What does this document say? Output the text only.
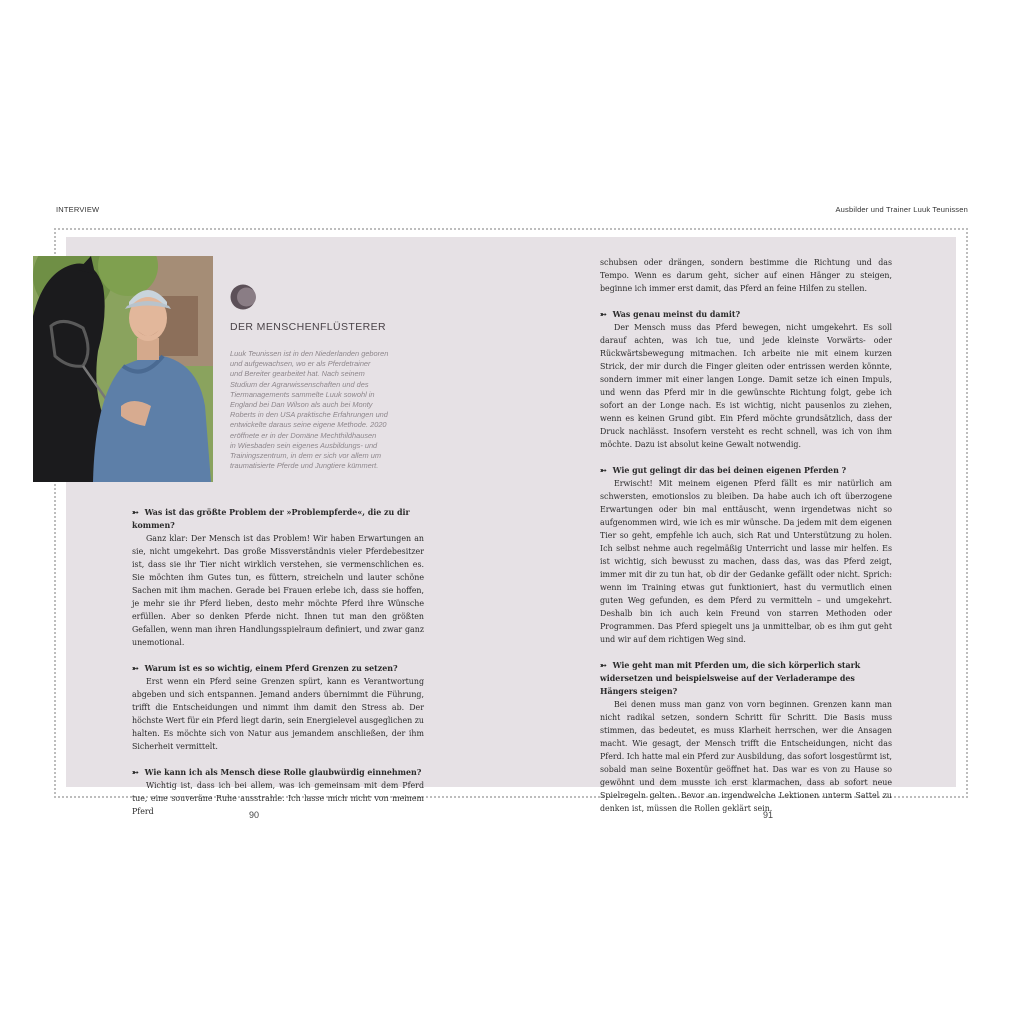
INTERVIEW	Ausbilder und Trainer Luuk Teunissen
DER MENSCHENFLÜSTERER

Luuk Teunissen ist in den Niederlanden geboren

und aufgewachsen, wo er als Pferdetrainer

und Bereiter gearbeitet hat. Nach seinem

Studium der Agrarwissenschaften und des

Tiermanagements sammelte Luuk sowohl in

England bei Dan Wilson als auch bei Monty

Roberts in den USA praktische Erfahrungen und

entwickelte daraus seine eigene Methode. 2020

eröffnete er in der Domäne Mechthildhausen

in Wiesbaden sein eigenes Ausbildungs- und

Trainingszentrum, in dem er sich vor allem um

traumatisierte Pferde und Jungtiere kümmert.

➳ Was ist das größte Problem der »Problempferde«, die zu dir kommen?

Ganz klar: Der Mensch ist das Problem! Wir haben Erwartungen an sie, nicht umgekehrt. Das große Missverständnis vieler Pferdebesitzer ist, dass sie ihr Tier nicht wirklich verstehen, sie vermenschlichen es. Sie möchten ihm Gutes tun, es füttern, streicheln und lauter schöne Sachen mit ihm machen. Gerade bei Frauen erlebe ich, dass sie hoffen, je mehr sie ihr Pferd lieben, desto mehr möchte Pferd ihre Wünsche erfüllen. Aber so denken Pferde nicht. Ihnen tut man den größten Gefallen, wenn man ihren Handlungsspielraum definiert, und zwar ganz unemotional.

➳ Warum ist es so wichtig, einem Pferd Grenzen zu setzen?

Erst wenn ein Pferd seine Grenzen spürt, kann es Verantwortung abgeben und sich entspannen. Jemand anders übernimmt die Führung, trifft die Entscheidungen und nimmt ihm damit den Stress ab. Der höchste Wert für ein Pferd liegt darin, sein Energielevel ausgeglichen zu halten. Es möchte sich von Natur aus jemandem anschließen, der ihm Sicherheit vermittelt.

➳ Wie kann ich als Mensch diese Rolle glaubwürdig einnehmen?

Wichtig ist, dass ich bei allem, was ich gemeinsam mit dem Pferd tue, eine souveräne Ruhe ausstrahle. Ich lasse mich nicht von meinem Pferd

schubsen oder drängen, sondern bestimme die Richtung und das Tempo. Wenn es darum geht, sicher auf einen Hänger zu steigen, beginne ich immer erst damit, das Pferd an feine Hilfen zu stellen.

➳ Was genau meinst du damit?

Der Mensch muss das Pferd bewegen, nicht umgekehrt. Es soll darauf achten, was ich tue, und jede kleinste Vorwärts- oder Rückwärtsbewegung mitmachen. Ich arbeite nie mit einem kurzen Strick, der mir durch die Finger gleiten oder entrissen werden könnte, sondern immer mit einer langen Longe. Damit setze ich einen Impuls, und wenn das Pferd mir in die gewünschte Richtung folgt, gebe ich sofort an der Longe nach. Es ist wichtig, nicht pausenlos zu ziehen, wenn es keinen Grund gibt. Ein Pferd möchte grundsätzlich, dass der Druck nachlässt. Insofern versteht es recht schnell, was ich von ihm möchte. Dazu ist absolut keine Gewalt notwendig.

➳ Wie gut gelingt dir das bei deinen eigenen Pferden ?

Erwischt! Mit meinem eigenen Pferd fällt es mir natürlich am schwersten, emotionslos zu bleiben. Da habe auch ich oft überzogene Erwartungen oder bin mal enttäuscht, wenn irgendetwas nicht so aufgenommen wird, wie ich es mir wünsche. Da jedem mit dem eigenen Tier so geht, empfehle ich auch, sich Rat und Unterstützung zu holen. Ich selbst nehme auch regelmäßig Unterricht und lasse mir helfen. Es ist wichtig, sich bewusst zu machen, dass das, was das Pferd zeigt, immer mit dir zu tun hat, ob dir der Gedanke gefällt oder nicht. Sprich: wenn im Training etwas gut funktioniert, hast du vermutlich einen guten Weg gefunden, es dem Pferd zu vermitteln – und umgekehrt. Deshalb bin ich auch kein Freund von starren Methoden oder Programmen. Das Pferd spiegelt uns ja unmittelbar, ob es ihm gut geht und wir auf dem richtigen Weg sind.

➳ Wie geht man mit Pferden um, die sich körperlich stark widersetzen und beispielsweise auf der Verladerampe des Hängers steigen?

Bei denen muss man ganz von vorn beginnen. Grenzen kann man nicht radikal setzen, sondern Schritt für Schritt. Die Basis muss stimmen, das bedeutet, es muss Klarheit herrschen, wer die Ansagen macht. Wie gesagt, der Mensch trifft die Entscheidungen, nicht das Pferd. Ich hatte mal ein Pferd zur Ausbildung, das sofort losgestürmt ist, sobald man seine Boxentür geöffnet hat. Das war es von zu Hause so gewöhnt und dem musste ich erst klarmachen, dass ab sofort neue Spielregeln gelten. Bevor an irgendwelche Lektionen unterm Sattel zu denken ist, müssen die Rollen geklärt sein.

90	91
